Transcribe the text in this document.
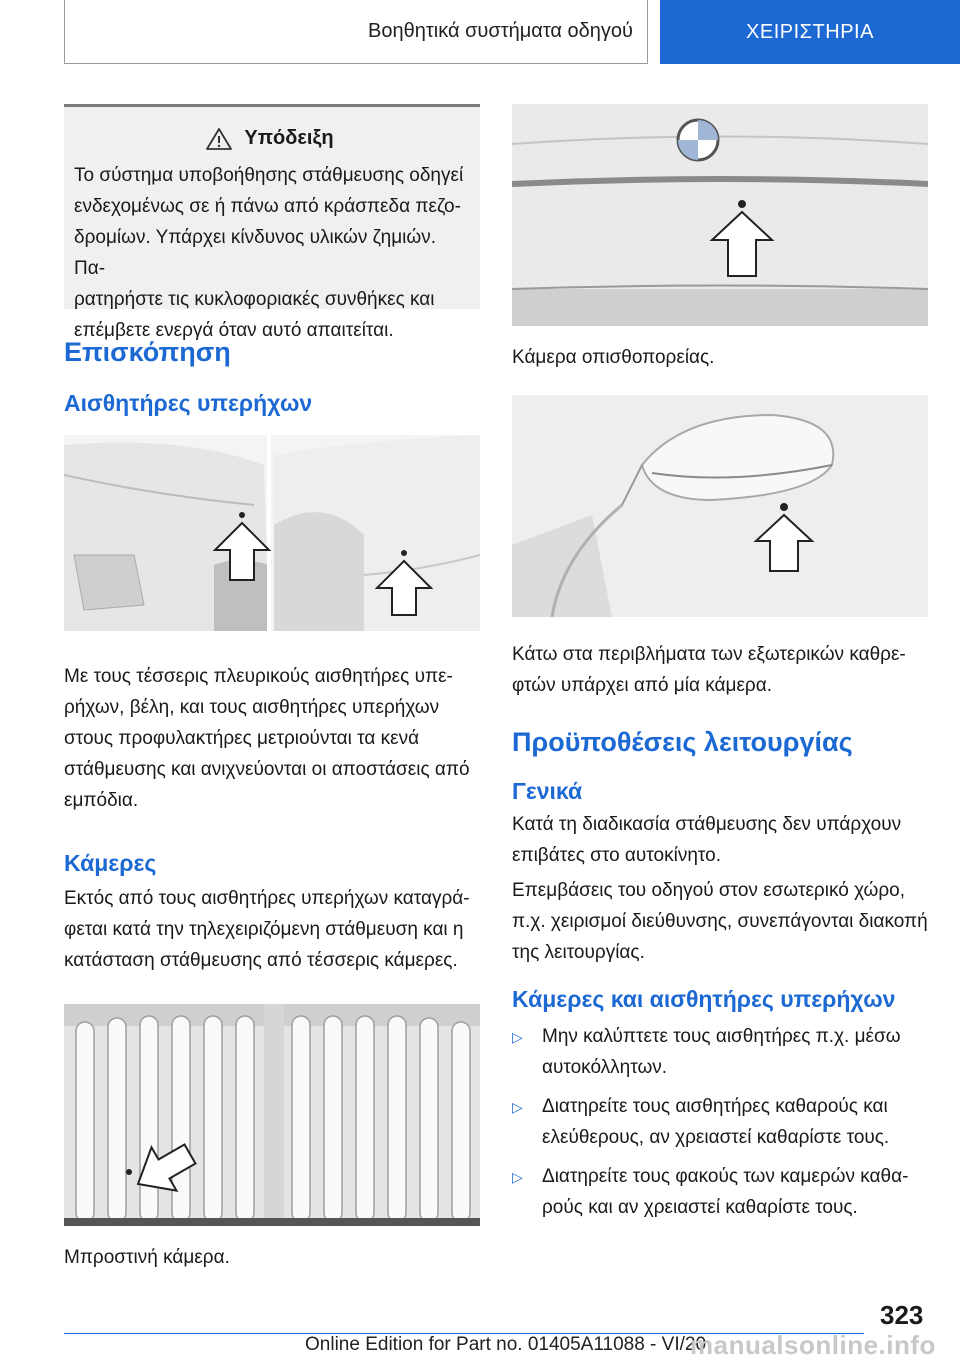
Βοηθητικά συστήματα οδηγού	ΧΕΙΡΙΣΤΗΡΙΑ
Υπόδειξη

Το σύστημα υποβοήθησης στάθμευσης οδηγεί

ενδεχομένως σε ή πάνω από κράσπεδα πεζο-

δρομίων. Υπάρχει κίνδυνος υλικών ζημιών. Πα-

ρατηρήστε τις κυκλοφοριακές συνθήκες και

επέμβετε ενεργά όταν αυτό απαιτείται.

Επισκόπηση
Αισθητήρες υπερήχων

Με τους τέσσερις πλευρικούς αισθητήρες υπε-

ρήχων, βέλη, και τους αισθητήρες υπερήχων

στους προφυλακτήρες μετριούνται τα κενά

στάθμευσης και ανιχνεύονται οι αποστάσεις από

εμπόδια.

Κάμερες

Εκτός από τους αισθητήρες υπερήχων καταγρά-

φεται κατά την τηλεχειριζόμενη στάθμευση και η

κατάσταση στάθμευσης από τέσσερις κάμερες.

Μπροστινή κάμερα.

Κάμερα οπισθοπορείας.

Κάτω στα περιβλήματα των εξωτερικών καθρε-

φτών υπάρχει από μία κάμερα.

Προϋποθέσεις λειτουργίας
Γενικά

Κατά τη διαδικασία στάθμευσης δεν υπάρχουν

επιβάτες στο αυτοκίνητο.

Επεμβάσεις του οδηγού στον εσωτερικό χώρο,

π.χ. χειρισμοί διεύθυνσης, συνεπάγονται διακοπή

της λειτουργίας.

Κάμερες και αισθητήρες υπερήχων
▷ Μην καλύπτετε τους αισθητήρες π.χ. μέσω
αυτοκόλλητων.
▷ Διατηρείτε τους αισθητήρες καθαρούς και
ελεύθερους, αν χρειαστεί καθαρίστε τους.
▷ Διατηρείτε τους φακούς των καμερών καθα-
ρούς και αν χρειαστεί καθαρίστε τους.
323
Online Edition for Part no. 01405A11088 - VI/20
manualsonline.info
